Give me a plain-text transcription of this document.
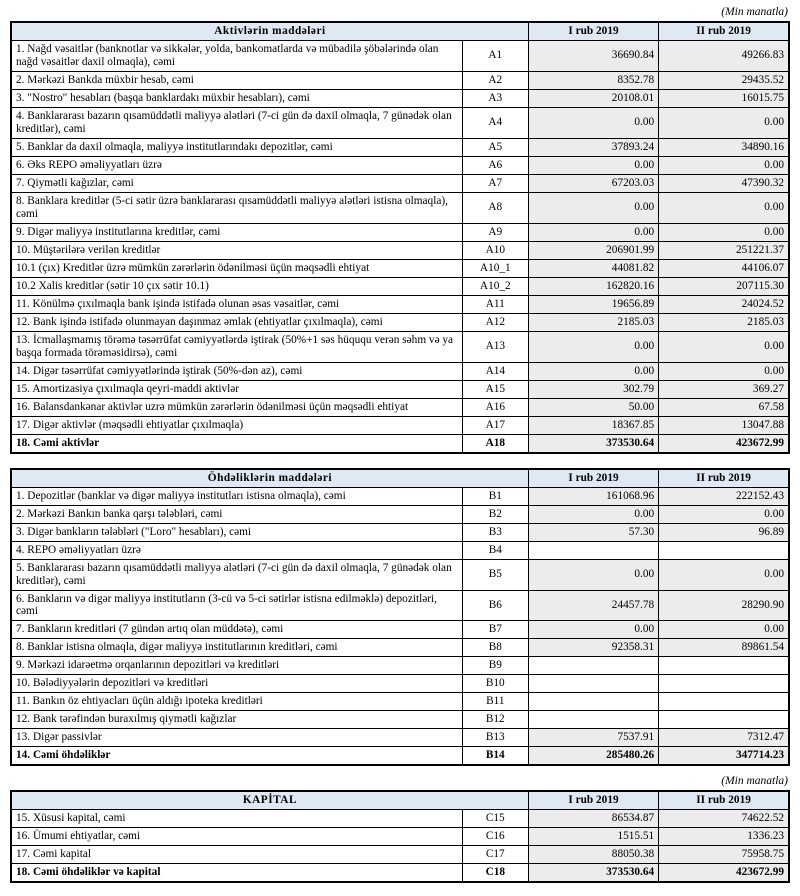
(Min manatla)
Aktivlərin maddələri		I rub 2019	II rub 2019
1. Nağd vəsaitlər (banknotlar və sikkələr, yolda, bankomatlarda və mübadilə şöbələrində olan nağd vəsaitlər daxil olmaqla), cəmi	A1	36690.84	49266.83
2. Mərkəzi Bankda müxbir hesab, cəmi	A2	8352.78	29435.52
3. "Nostro" hesabları (başqa banklardakı müxbir hesabları), cəmi	A3	20108.01	16015.75
4. Banklararası bazarın qısamüddətli maliyyə alətləri (7-ci gün də daxil olmaqla, 7 günədək olan kreditlər), cəmi	A4	0.00	0.00
5. Banklar da daxil olmaqla, maliyyə institutlarındakı depozitlər, cəmi	A5	37893.24	34890.16
6. Əks REPO əməliyyatları üzrə	A6	0.00	0.00
7. Qiymətli kağızlar, cəmi	A7	67203.03	47390.32
8. Banklara kreditlər (5-ci sətir üzrə banklararası qısamüddətli maliyyə alətləri istisna olmaqla), cəmi	A8	0.00	0.00
9. Digər maliyyə institutlarına kreditlər, cəmi	A9	0.00	0.00
10. Müştərilərə verilən kreditlər	A10	206901.99	251221.37
10.1 (çıx) Kreditlər üzrə mümkün zərərlərin ödənilməsi üçün məqsədli ehtiyat	A10_1	44081.82	44106.07
10.2 Xalis kreditlər (sətir 10 çıx sətir 10.1)	A10_2	162820.16	207115.30
11. Könülmə çıxılmaqla bank işində istifadə olunan əsas vəsaitlər, cəmi	A11	19656.89	24024.52
12. Bank işində istifadə olunmayan daşınmaz əmlak (ehtiyatlar çıxılmaqla), cəmi	A12	2185.03	2185.03
13. İcmallaşmamış törəmə təsərrüfat cəmiyyətlərdə iştirak (50%+1 səs hüququ verən səhm və ya başqa formada törəməsidirsə), cəmi	A13	0.00	0.00
14. Digər təsərrüfat cəmiyyətlərində iştirak (50%-dən az), cəmi	A14	0.00	0.00
15. Amortizasiya çıxılmaqla qeyri-maddi aktivlər	A15	302.79	369.27
16. Balansdankənar aktivlər uzrə mümkün zərərlərin ödənilməsi üçün məqsədli ehtiyat	A16	50.00	67.58
17. Digər aktivlər (məqsədli ehtiyatlar çıxılmaqla)	A17	18367.85	13047.88
18. Cəmi aktivlər	A18	373530.64	423672.99
Öhdəliklərin maddələri		I rub 2019	II rub 2019
1. Depozitlər (banklar və digər maliyyə institutları istisna olmaqla), cəmi	B1	161068.96	222152.43
2. Mərkəzi Bankın banka qarşı tələbləri, cəmi	B2	0.00	0.00
3. Digər bankların tələbləri ("Loro" hesabları), cəmi	B3	57.30	96.89
4. REPO əməliyyatları üzrə	B4		
5. Banklararası bazarın qısamüddətli maliyyə alətləri (7-ci gün də daxil olmaqla, 7 günədək olan kreditlər), cəmi	B5	0.00	0.00
6. Bankların və digər maliyyə institutların (3-cü və 5-ci sətirlər istisna edilməklə) depozitləri, cəmi	B6	24457.78	28290.90
7. Bankların kreditləri (7 gündən artıq olan müddətə), cəmi	B7	0.00	0.00
8. Banklar istisna olmaqla, digər maliyyə institutlarının kreditləri, cəmi	B8	92358.31	89861.54
9. Mərkəzi idarəetmə orqanlarının depozitləri və kreditləri	B9		
10. Bələdiyyələrin depozitləri və kreditləri	B10		
11. Bankın öz ehtiyacları üçün aldığı ipoteka kreditləri	B11		
12. Bank tərəfindən buraxılmış qiymətli kağızlar	B12		
13. Digər passivlər	B13	7537.91	7312.47
14. Cəmi öhdəliklər	B14	285480.26	347714.23
(Min manatla)
KAPİTAL		I rub 2019	II rub 2019
15. Xüsusi kapital, cəmi	C15	86534.87	74622.52
16. Ümumi ehtiyatlar, cəmi	C16	1515.51	1336.23
17. Cəmi kapital	C17	88050.38	75958.75
18. Cəmi öhdəliklər və kapital	C18	373530.64	423672.99
